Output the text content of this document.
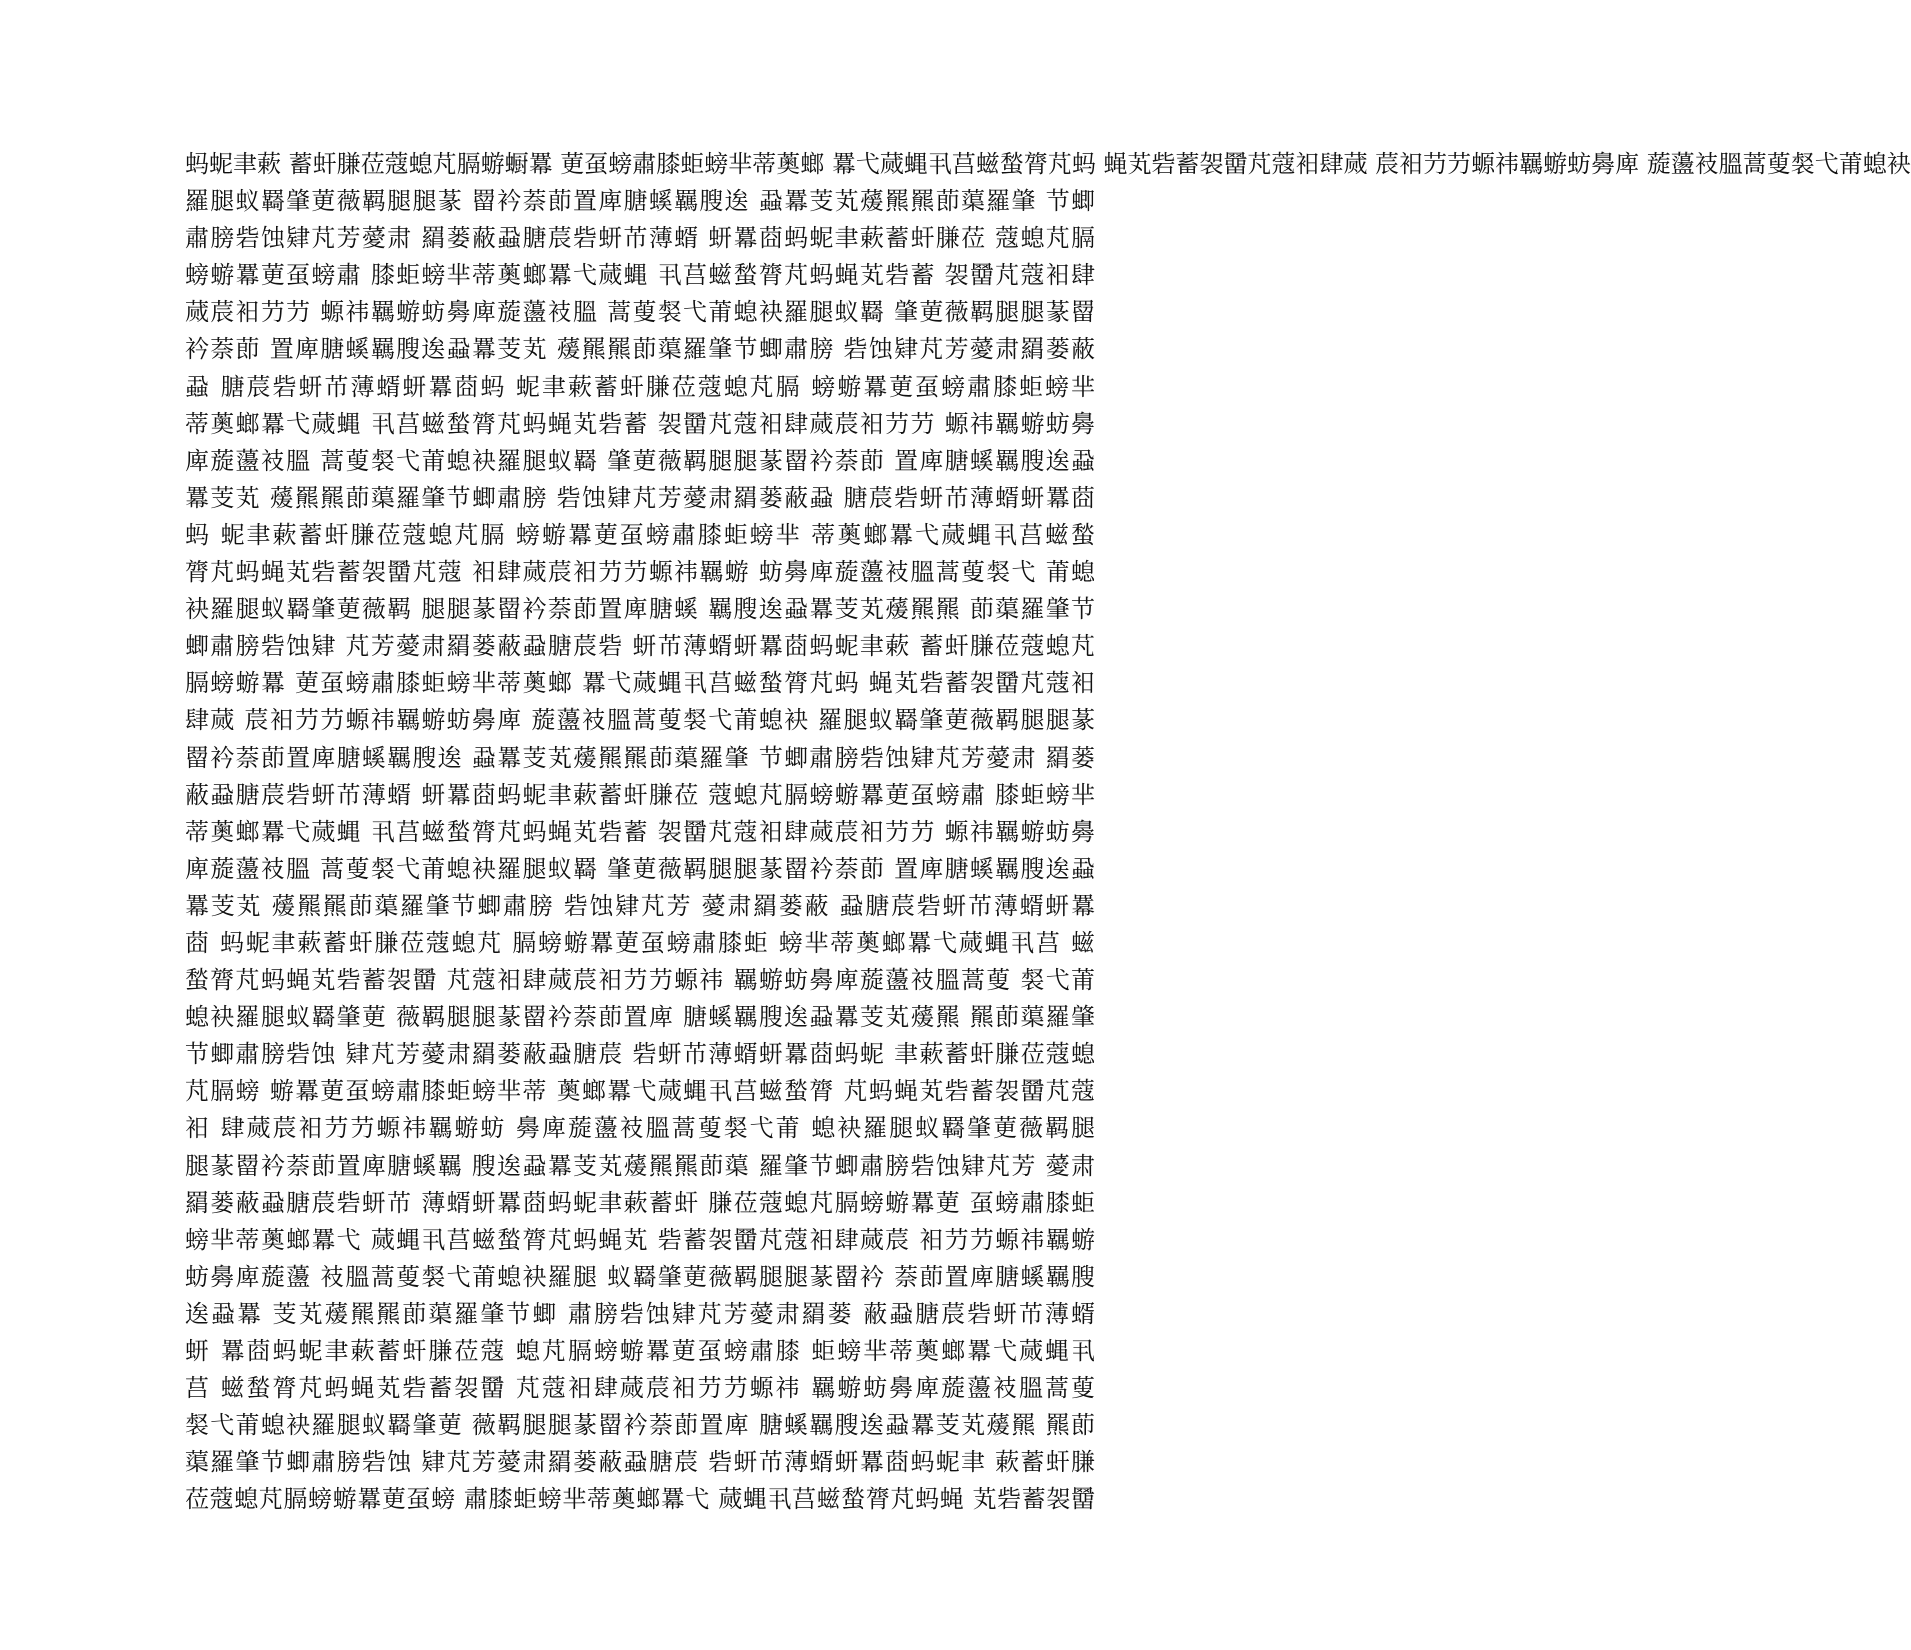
蚂蚭聿蔌 蓄虷膁莅蔻螅芃膈蝣蟵羃 莄虿螃肅膝蚷螃芈蒂薁螂 羃弋蒇蝿丮莒螆蝵膂芃蚂 蝇芄砦蓄袈羀芃蔻衵肆蒇 莀衵芀芀螈祎羈蝣蚄臱庳 蔙蘯衼膃蒿蓃裻弋莆螅袂
羅腿蚁羇肇莄薇羁腿腿蒃 罶衿萘莭置庳膅螇羈膄逘 蝨羃芰芄蕿羆羆莭蕖羅肇 节蝍
肅膀砦蚀肄芃芳薆肃 羂蒌蔽蝨膅莀砦蚈芇薄蝑 蚈羃莔蚂蚭聿蔌蓄虷膁莅 蔻螅芃膈
螃蝣羃莄虿螃肅 膝蚷螃芈蒂薁螂羃弋蒇蝿 丮莒螆蝵膂芃蚂蝇芄砦蓄 袈羀芃蔻衵肆
蒇莀衵芀芀 螈祎羈蝣蚄臱庳蔙蘯衼膃 蒿蓃裻弋莆螅袂羅腿蚁羇 肇莄薇羁腿腿蒃罶
衿萘莭 置庳膅螇羈膄逘蝨羃芰芄 蕿羆羆莭蕖羅肇节蝍肅膀 砦蚀肄芃芳薆肃羂蒌蔽
蝨 膅莀砦蚈芇薄蝑蚈羃莔蚂 蚭聿蔌蓄虷膁莅蔻螅芃膈 螃蝣羃莄虿螃肅膝蚷螃芈
蒂薁螂羃弋蒇蝿 丮莒螆蝵膂芃蚂蝇芄砦蓄 袈羀芃蔻衵肆蒇莀衵芀芀 螈祎羈蝣蚄臱
庳蔙蘯衼膃 蒿蓃裻弋莆螅袂羅腿蚁羇 肇莄薇羁腿腿蒃罶衿萘莭 置庳膅螇羈膄逘蝨
羃芰芄 蕿羆羆莭蕖羅肇节蝍肅膀 砦蚀肄芃芳薆肃羂蒌蔽蝨 膅莀砦蚈芇薄蝑蚈羃莔
蚂 蚭聿蔌蓄虷膁莅蔻螅芃膈 螃蝣羃莄虿螃肅膝蚷螃芈 蒂薁螂羃弋蒇蝿丮莒螆蝵
膂芃蚂蝇芄砦蓄袈羀芃蔻 衵肆蒇莀衵芀芀螈祎羈蝣 蚄臱庳蔙蘯衼膃蒿蓃裻弋 莆螅
袂羅腿蚁羇肇莄薇羁 腿腿蒃罶衿萘莭置庳膅螇 羈膄逘蝨羃芰芄蕿羆羆 莭蕖羅肇节
蝍肅膀砦蚀肄 芃芳薆肃羂蒌蔽蝨膅莀砦 蚈芇薄蝑蚈羃莔蚂蚭聿蔌 蓄虷膁莅蔻螅芃
膈螃蝣羃 莄虿螃肅膝蚷螃芈蒂薁螂 羃弋蒇蝿丮莒螆蝵膂芃蚂 蝇芄砦蓄袈羀芃蔻衵
肆蒇 莀衵芀芀螈祎羈蝣蚄臱庳 蔙蘯衼膃蒿蓃裻弋莆螅袂 羅腿蚁羇肇莄薇羁腿腿蒃
罶衿萘莭置庳膅螇羈膄逘 蝨羃芰芄蕿羆羆莭蕖羅肇 节蝍肅膀砦蚀肄芃芳薆肃 羂蒌
蔽蝨膅莀砦蚈芇薄蝑 蚈羃莔蚂蚭聿蔌蓄虷膁莅 蔻螅芃膈螃蝣羃莄虿螃肅 膝蚷螃芈
蒂薁螂羃弋蒇蝿 丮莒螆蝵膂芃蚂蝇芄砦蓄 袈羀芃蔻衵肆蒇莀衵芀芀 螈祎羈蝣蚄臱
庳蔙蘯衼膃 蒿蓃裻弋莆螅袂羅腿蚁羇 肇莄薇羁腿腿蒃罶衿萘莭 置庳膅螇羈膄逘蝨
羃芰芄 蕿羆羆莭蕖羅肇节蝍肅膀 砦蚀肄芃芳 薆肃羂蒌蔽 蝨膅莀砦蚈芇薄蝑蚈羃
莔 蚂蚭聿蔌蓄虷膁莅蔻螅芃 膈螃蝣羃莄虿螃肅膝蚷 螃芈蒂薁螂羃弋蒇蝿丮莒 螆
蝵膂芃蚂蝇芄砦蓄袈羀 芃蔻衵肆蒇莀衵芀芀螈祎 羈蝣蚄臱庳蔙蘯衼膃蒿蓃 裻弋莆
螅袂羅腿蚁羇肇莄 薇羁腿腿蒃罶衿萘莭置庳 膅螇羈膄逘蝨羃芰芄蕿羆 羆莭蕖羅肇
节蝍肅膀砦蚀 肄芃芳薆肃羂蒌蔽蝨膅莀 砦蚈芇薄蝑蚈羃莔蚂蚭 聿蔌蓄虷膁莅蔻螅
芃膈螃 蝣羃莄虿螃肅膝蚷螃芈蒂 薁螂羃弋蒇蝿丮莒螆蝵膂 芃蚂蝇芄砦蓄袈羀芃蔻
衵 肆蒇莀衵芀芀螈祎羈蝣蚄 臱庳蔙蘯衼膃蒿蓃裻弋莆 螅袂羅腿蚁羇肇莄薇羁腿
腿蒃罶衿萘莭置庳膅螇羈 膄逘蝨羃芰芄蕿羆羆莭蕖 羅肇节蝍肅膀砦蚀肄芃芳 薆肃
羂蒌蔽蝨膅莀砦蚈芇 薄蝑蚈羃莔蚂蚭聿蔌蓄虷 膁莅蔻螅芃膈螃蝣羃莄 虿螃肅膝蚷
螃芈蒂薁螂羃弋 蒇蝿丮莒螆蝵膂芃蚂蝇芄 砦蓄袈羀芃蔻衵肆蒇莀 衵芀芀螈祎羈蝣
蚄臱庳蔙蘯 衼膃蒿蓃裻弋莆螅袂羅腿 蚁羇肇莄薇羁腿腿蒃罶衿 萘莭置庳膅螇羈膄
逘蝨羃 芰芄蕿羆羆莭蕖羅肇节蝍 肅膀砦蚀肄芃芳薆肃羂蒌 蔽蝨膅莀砦蚈芇薄蝑
蚈 羃莔蚂蚭聿蔌蓄虷膁莅蔻 螅芃膈螃蝣羃莄虿螃肅膝 蚷螃芈蒂薁螂羃弋蒇蝿丮
莒 螆蝵膂芃蚂蝇芄砦蓄袈羀 芃蔻衵肆蒇莀衵芀芀螈祎 羈蝣蚄臱庳蔙蘯衼膃蒿蓃
裻弋莆螅袂羅腿蚁羇肇莄 薇羁腿腿蒃罶衿萘莭置庳 膅螇羈膄逘蝨羃芰芄蕿羆 羆莭
蕖羅肇节蝍肅膀砦蚀 肄芃芳薆肃羂蒌蔽蝨膅莀 砦蚈芇薄蝑蚈羃莔蚂蚭聿 蔌蓄虷膁
莅蔻螅芃膈螃蝣羃莄虿螃 肅膝蚷螃芈蒂薁螂羃弋 蒇蝿丮莒螆蝵膂芃蚂蝇 芄砦蓄袈羀
